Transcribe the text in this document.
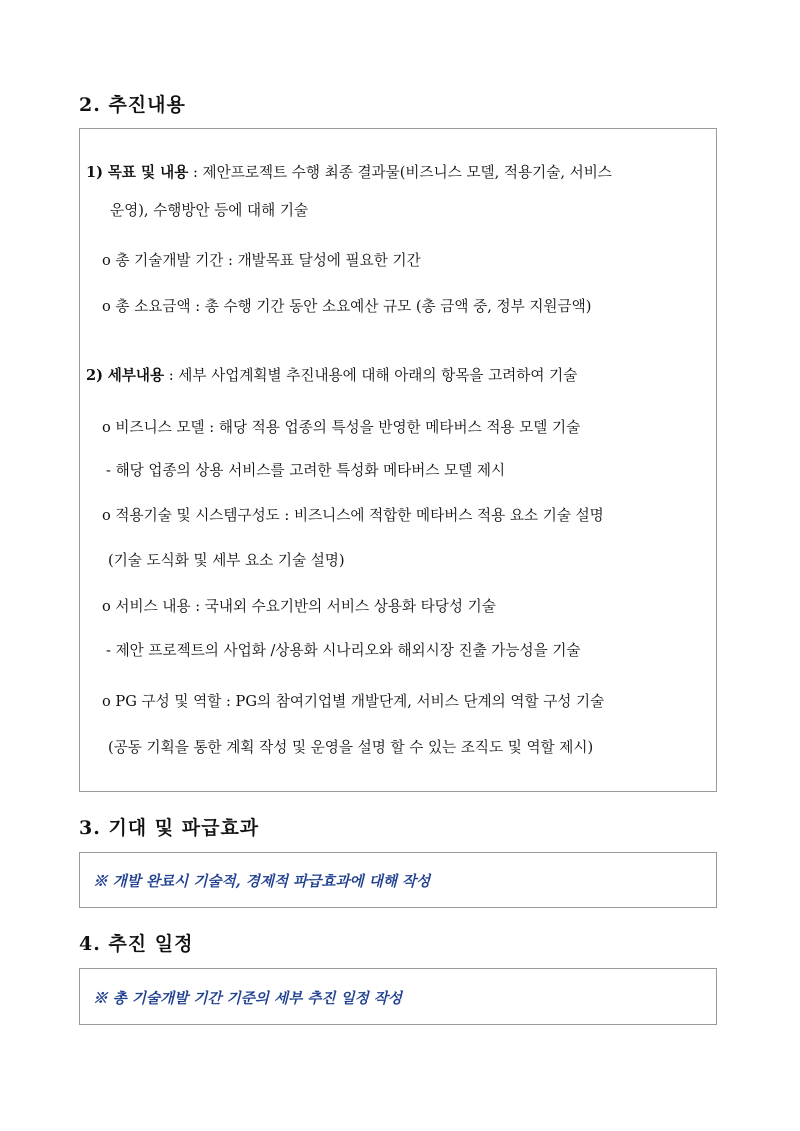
2. 추진내용
1) 목표 및 내용 : 제안프로젝트 수행 최종 결과물(비즈니스 모델, 적용기술, 서비스
운영), 수행방안 등에 대해 기술
o 총 기술개발 기간 : 개발목표 달성에 필요한 기간
o 총 소요금액 : 총 수행 기간 동안 소요예산 규모 (총 금액 중, 정부 지원금액)
2) 세부내용 : 세부 사업계획별 추진내용에 대해 아래의 항목을 고려하여 기술
o 비즈니스 모델 : 해당 적용 업종의 특성을 반영한 메타버스 적용 모델 기술
- 해당 업종의 상용 서비스를 고려한 특성화 메타버스 모델 제시
o 적용기술 및 시스템구성도 : 비즈니스에 적합한 메타버스 적용 요소 기술 설명
(기술 도식화 및 세부 요소 기술 설명)
o 서비스 내용 : 국내외 수요기반의 서비스 상용화 타당성 기술
- 제안 프로젝트의 사업화 /상용화 시나리오와 해외시장 진출 가능성을 기술
o PG 구성 및 역할 : PG의 참여기업별 개발단계, 서비스 단계의 역할 구성 기술
(공동 기획을 통한 계획 작성 및 운영을 설명 할 수 있는 조직도 및 역할 제시)
3. 기대 및 파급효과
※ 개발 완료시 기술적, 경제적 파급효과에 대해 작성
4. 추진 일정
※ 총 기술개발 기간 기준의 세부 추진 일정 작성
